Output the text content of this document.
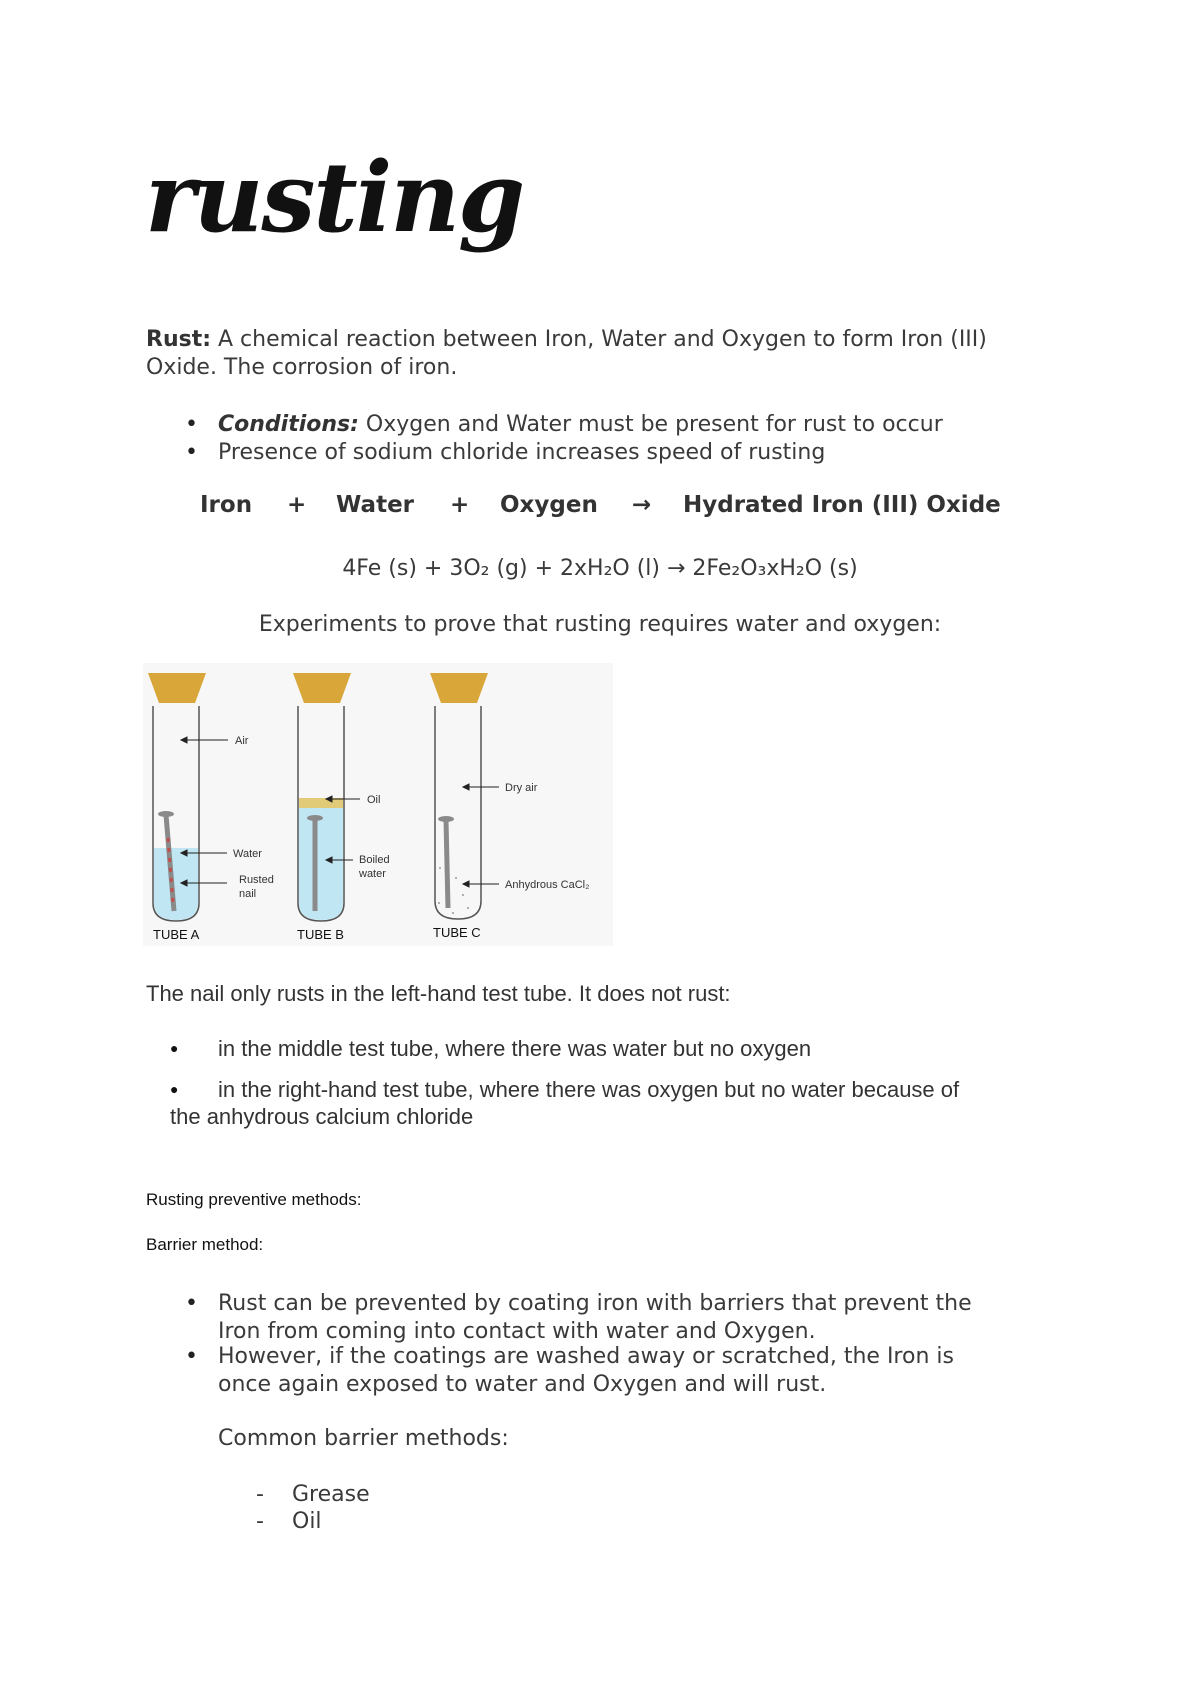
rusting
Rust: A chemical reaction between Iron, Water and Oxygen to form Iron (III)
Oxide. The corrosion of iron.
• Conditions: Oxygen and Water must be present for rust to occur
• Presence of sodium chloride increases speed of rusting
Iron + Water + Oxygen → Hydrated Iron (III) Oxide
4Fe (s) + 3O₂ (g) + 2xH₂O (l) → 2Fe₂O₃xH₂O (s)
Experiments to prove that rusting requires water and oxygen:
Air
Water
Rusted
nail
Oil
Boiled
water
Dry air
Anhydrous CaCl₂
TUBE A	TUBE B	TUBE C
The nail only rusts in the left-hand test tube. It does not rust:
● in the middle test tube, where there was water but no oxygen
● in the right-hand test tube, where there was oxygen but no water because of
the anhydrous calcium chloride
Rusting preventive methods:
Barrier method:
• Rust can be prevented by coating iron with barriers that prevent the
Iron from coming into contact with water and Oxygen.
• However, if the coatings are washed away or scratched, the Iron is
once again exposed to water and Oxygen and will rust.
Common barrier methods:
- Grease
- Oil
